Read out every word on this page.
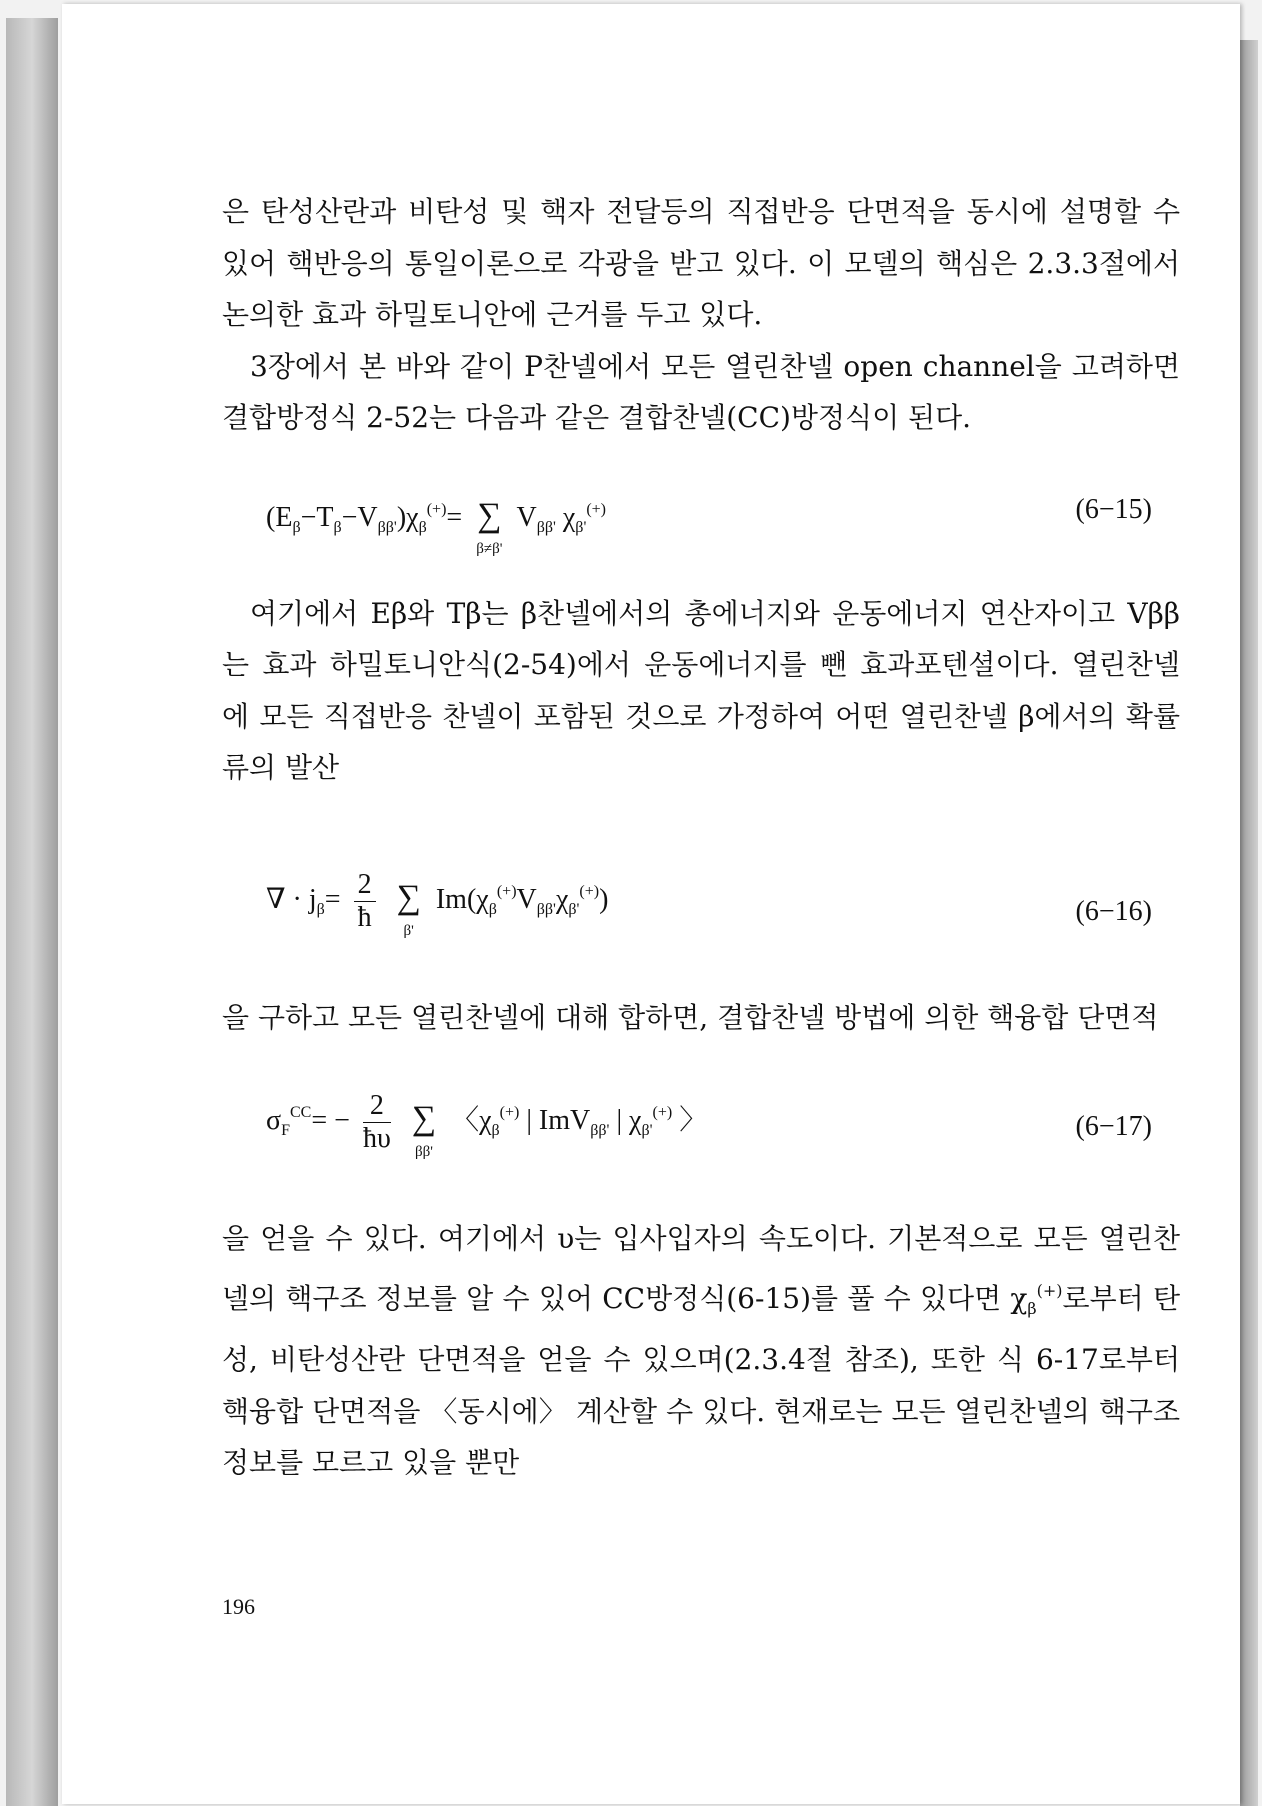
은 탄성산란과 비탄성 및 핵자 전달등의 직접반응 단면적을 동시에 설명할 수 있어 핵반응의 통일이론으로 각광을 받고 있다. 이 모델의 핵심은 2.3.3절에서 논의한 효과 하밀토니안에 근거를 두고 있다.

3장에서 본 바와 같이 P찬넬에서 모든 열린찬넬 open channel을 고려하면 결합방정식 2-52는 다음과 같은 결합찬넬(CC)방정식이 된다.

$(E_\beta-T_\beta-V_{\beta\beta'})\chi_\beta^{(+)}=$ ∑
β≠β'
$V_{\beta\beta'}$ $\chi_{\beta'}^{(+)}$	(6−15)

여기에서 Eβ와 Tβ는 β찬넬에서의 총에너지와 운동에너지 연산자이고 Vββ는 효과 하밀토니안식(2-54)에서 운동에너지를 뺀 효과포텐셜이다. 열린찬넬에 모든 직접반응 찬넬이 포함된 것으로 가정하여 어떤 열린찬넬 β에서의 확률류의 발산

∇ · $j_\beta= \frac{2}{ħ}$ ∑
β'
$Im(\chi_\beta^{(+)}V_{\beta\beta'}\chi_{\beta'}^{(+)})$	(6−16)

을 구하고 모든 열린찬넬에 대해 합하면, 결합찬넬 방법에 의한 핵융합 단면적

$\sigma_F^{CC}= - \frac{2}{ħ\upsilon}$ ∑
ββ'
〈$\chi_\beta^{(+)}$ | ImV$_{\beta\beta'}$ | $\chi_{\beta'}^{(+)}$ 〉	(6−17)

을 얻을 수 있다. 여기에서 υ는 입사입자의 속도이다. 기본적으로 모든 열린찬넬의 핵구조 정보를 알 수 있어 CC방정식(6-15)를 풀 수 있다면 $\chi_\beta^{(+)}$로부터 탄성, 비탄성산란 단면적을 얻을 수 있으며(2.3.4절 참조), 또한 식 6-17로부터 핵융합 단면적을 〈동시에〉 계산할 수 있다. 현재로는 모든 열린찬넬의 핵구조 정보를 모르고 있을 뿐만

196
